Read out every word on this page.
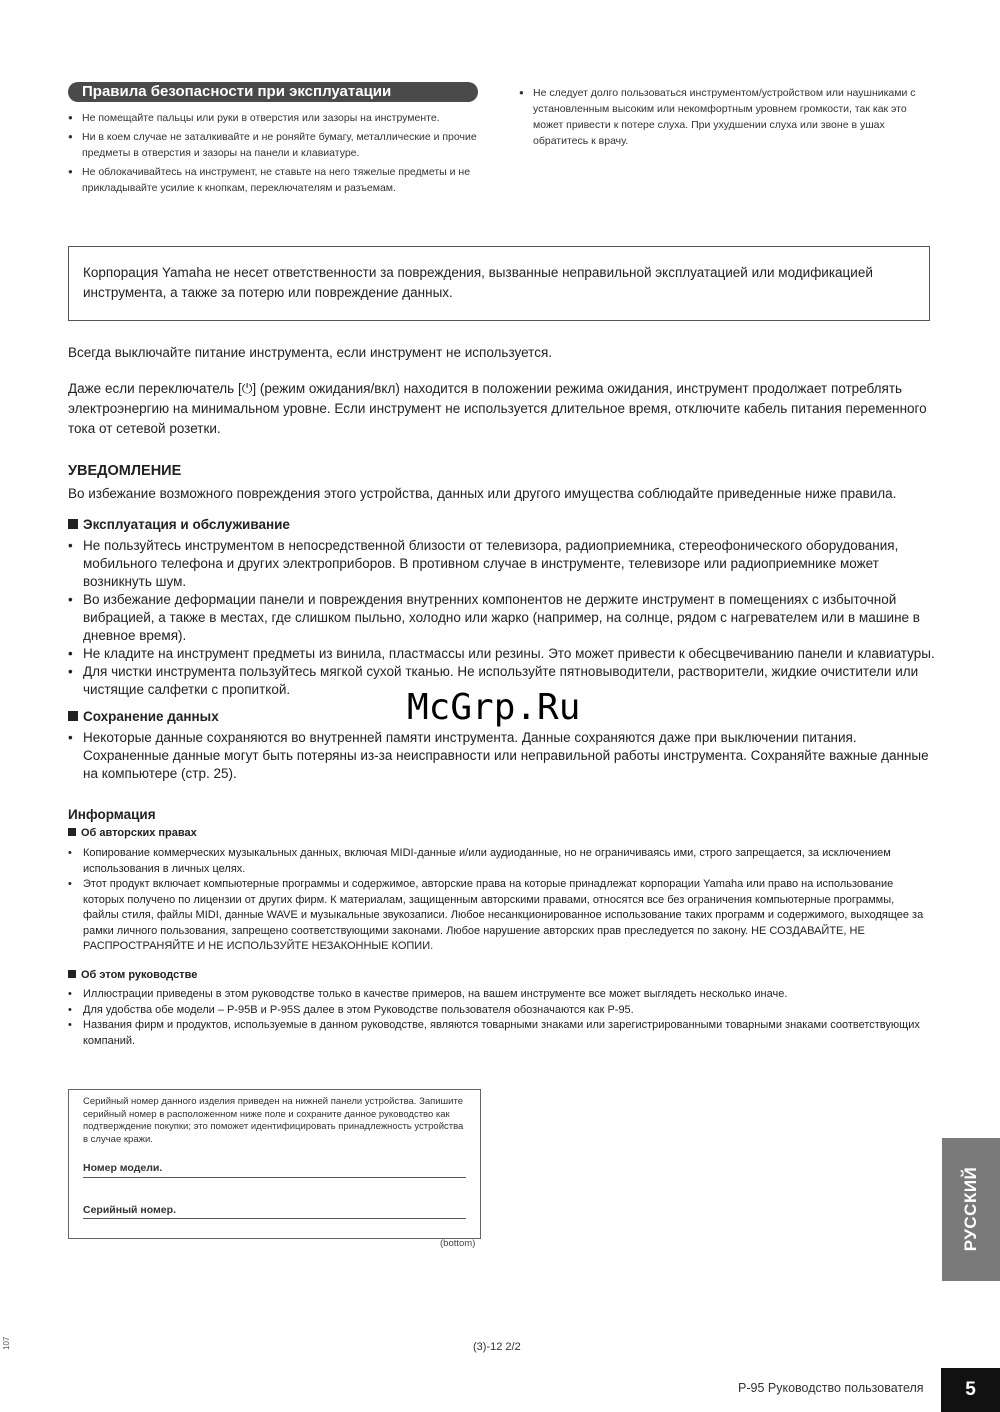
Правила безопасности при эксплуатации
● Не помещайте пальцы или руки в отверстия или зазоры на инструменте.
● Ни в коем случае не заталкивайте и не роняйте бумагу, металлические и прочие предметы в отверстия и зазоры на панели и клавиатуре.
● Не облокачивайтесь на инструмент, не ставьте на него тяжелые предметы и не прикладывайте усилие к кнопкам, переключателям и разъемам.
● Не следует долго пользоваться инструментом/устройством или наушниками с установленным высоким или некомфортным уровнем громкости, так как это может привести к потере слуха. При ухудшении слуха или звоне в ушах обратитесь к врачу.
Корпорация Yamaha не несет ответственности за повреждения, вызванные неправильной эксплуатацией или модификацией инструмента, а также за потерю или повреждение данных.

Всегда выключайте питание инструмента, если инструмент не используется.

Даже если переключатель [⏻] (режим ожидания/вкл) находится в положении режима ожидания, инструмент продолжает потреблять электроэнергию на минимальном уровне. Если инструмент не используется длительное время, отключите кабель питания переменного тока от сетевой розетки.

УВЕДОМЛЕНИЕ

Во избежание возможного повреждения этого устройства, данных или другого имущества соблюдайте приведенные ниже правила.

Эксплуатация и обслуживание
• Не пользуйтесь инструментом в непосредственной близости от телевизора, радиоприемника, стереофонического оборудования, мобильного телефона и других электроприборов. В противном случае в инструменте, телевизоре или радиоприемнике может возникнуть шум.
• Во избежание деформации панели и повреждения внутренних компонентов не держите инструмент в помещениях с избыточной вибрацией, а также в местах, где слишком пыльно, холодно или жарко (например, на солнце, рядом с нагревателем или в машине в дневное время).
• Не кладите на инструмент предметы из винила, пластмассы или резины. Это может привести к обесцвечиванию панели и клавиатуры.
• Для чистки инструмента пользуйтесь мягкой сухой тканью. Не используйте пятновыводители, растворители, жидкие очистители или чистящие салфетки с пропиткой.
Сохранение данных
• Некоторые данные сохраняются во внутренней памяти инструмента. Данные сохраняются даже при выключении питания. Сохраненные данные могут быть потеряны из-за неисправности или неправильной работы инструмента. Сохраняйте важные данные на компьютере (стр. 25).
Информация
Об авторских правах
• Копирование коммерческих музыкальных данных, включая MIDI-данные и/или аудиоданные, но не ограничиваясь ими, строго запрещается, за исключением использования в личных целях.
• Этот продукт включает компьютерные программы и содержимое, авторские права на которые принадлежат корпорации Yamaha или право на использование которых получено по лицензии от других фирм. К материалам, защищенным авторскими правами, относятся все без ограничения компьютерные программы, файлы стиля, файлы MIDI, данные WAVE и музыкальные звукозаписи. Любое несанкционированное использование таких программ и содержимого, выходящее за рамки личного пользования, запрещено соответствующими законами. Любое нарушение авторских прав преследуется по закону. НЕ СОЗДАВАЙТЕ, НЕ РАСПРОСТРАНЯЙТЕ И НЕ ИСПОЛЬЗУЙТЕ НЕЗАКОННЫЕ КОПИИ.
Об этом руководстве
• Иллюстрации приведены в этом руководстве только в качестве примеров, на вашем инструменте все может выглядеть несколько иначе.
• Для удобства обе модели – P-95B и P-95S далее в этом Руководстве пользователя обозначаются как P-95.
• Названия фирм и продуктов, используемые в данном руководстве, являются товарными знаками или зарегистрированными товарными знаками соответствующих компаний.
Серийный номер данного изделия приведен на нижней панели устройства. Запишите серийный номер в расположенном ниже поле и сохраните данное руководство как подтверждение покупки; это поможет идентифицировать принадлежность устройства в случае кражи.
Номер модели.
Серийный номер.
(bottom)	РУССКИЙ
McGrp.Ru
107	(3)-12 2/2
P-95 Руководство пользователя	5
